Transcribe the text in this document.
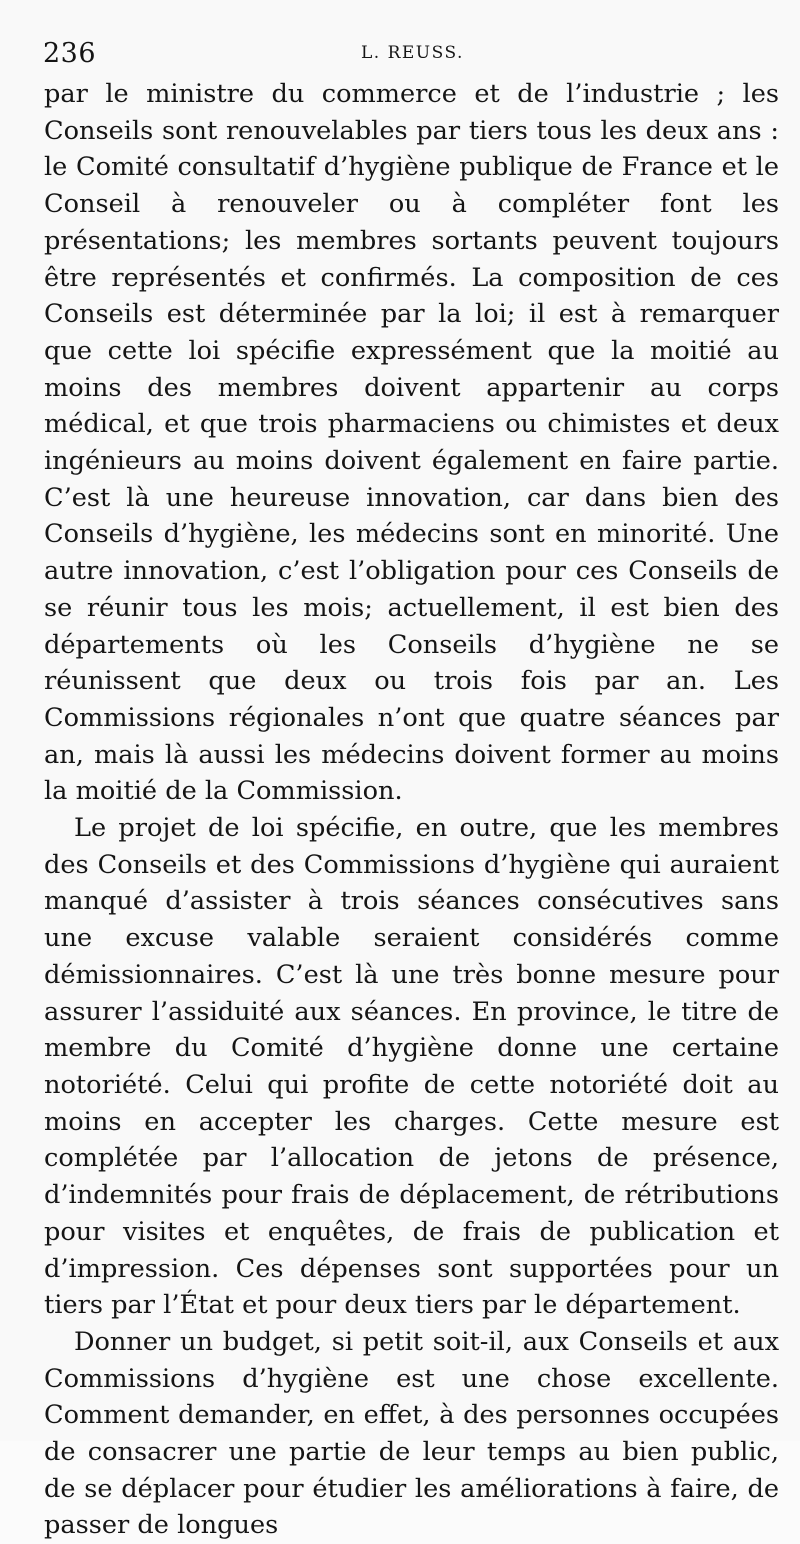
236	L. REUSS.

par le ministre du commerce et de l’industrie ; les Conseils sont renouvelables par tiers tous les deux ans : le Comité consultatif d’hygiène publique de France et le Conseil à renouveler ou à compléter font les présentations; les membres sortants peuvent toujours être représentés et confirmés. La composition de ces Conseils est déterminée par la loi; il est à remarquer que cette loi spécifie expressément que la moitié au moins des membres doivent appartenir au corps médical, et que trois pharmaciens ou chimistes et deux ingénieurs au moins doivent également en faire partie. C’est là une heureuse innovation, car dans bien des Conseils d’hygiène, les médecins sont en minorité. Une autre innovation, c’est l’obligation pour ces Conseils de se réunir tous les mois; actuellement, il est bien des départements où les Conseils d’hygiène ne se réunissent que deux ou trois fois par an. Les Commissions régionales n’ont que quatre séances par an, mais là aussi les médecins doivent former au moins la moitié de la Commission.

Le projet de loi spécifie, en outre, que les membres des Conseils et des Commissions d’hygiène qui auraient manqué d’assister à trois séances consécutives sans une excuse valable seraient considérés comme démissionnaires. C’est là une très bonne mesure pour assurer l’assiduité aux séances. En province, le titre de membre du Comité d’hygiène donne une certaine notoriété. Celui qui profite de cette notoriété doit au moins en accepter les charges. Cette mesure est complétée par l’allocation de jetons de présence, d’indemnités pour frais de déplacement, de rétributions pour visites et enquêtes, de frais de publication et d’impression. Ces dépenses sont supportées pour un tiers par l’État et pour deux tiers par le département.

Donner un budget, si petit soit-il, aux Conseils et aux Commissions d’hygiène est une chose excellente. Comment demander, en effet, à des personnes occupées de consacrer une partie de leur temps au bien public, de se déplacer pour étudier les améliorations à faire, de passer de longues
